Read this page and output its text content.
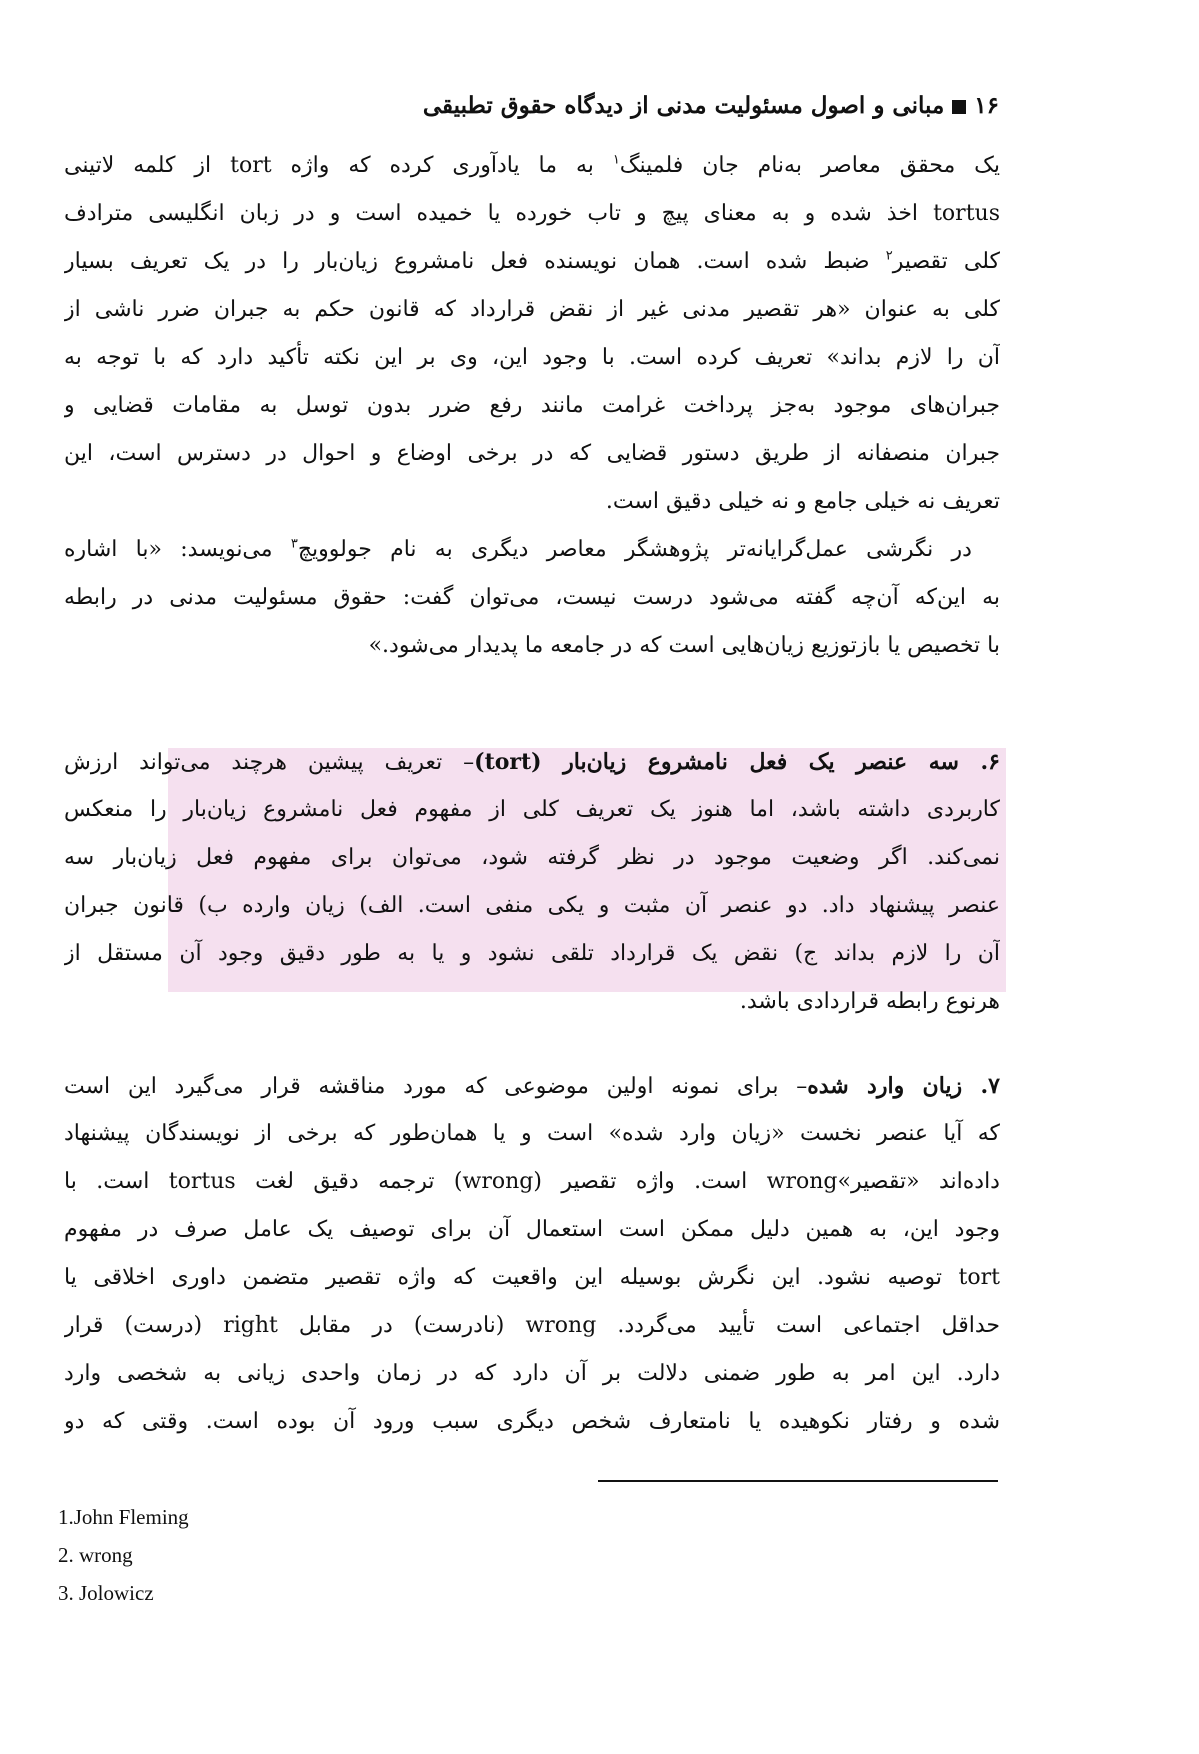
۱۶مبانی و اصول مسئولیت مدنی از دیدگاه حقوق تطبیقی
یک محقق معاصر به‌نام جان فلمینگ$^۱$ به ما یادآوری کرده که واژه tort از کلمه لاتینی
tortus اخذ شده و به معنای پیچ و تاب خورده یا خمیده است و در زبان انگلیسی مترادف
کلی تقصیر$^۲$ ضبط شده است. همان نویسنده فعل نامشروع زیان‌بار را در یک تعریف بسیار
کلی به عنوان «هر تقصیر مدنی غیر از نقض قرارداد که قانون حکم به جبران ضرر ناشی از
آن را لازم بداند» تعریف کرده است. با وجود این، وی بر این نکته تأکید دارد که با توجه به
جبران‌های موجود به‌جز پرداخت غرامت مانند رفع ضرر بدون توسل به مقامات قضایی و
جبران منصفانه از طریق دستور قضایی که در برخی اوضاع و احوال در دسترس است، این
تعریف نه خیلی جامع و نه خیلی دقیق است.
در نگرشی عمل‌گرایانه‌تر پژوهشگر معاصر دیگری به نام جولوویچ$^۳$ می‌نویسد: «با اشاره
به این‌که آن‌چه گفته می‌شود درست نیست، می‌توان گفت: حقوق مسئولیت مدنی در رابطه
با تخصیص یا بازتوزیع زیان‌هایی است که در جامعه ما پدیدار می‌شود.»
۶. سه عنصر یک فعل نامشروع زیان‌بار (tort)– تعریف پیشین هرچند می‌تواند ارزش
کاربردی داشته باشد، اما هنوز یک تعریف کلی از مفهوم فعل نامشروع زیان‌بار را منعکس
نمی‌کند. اگر وضعیت موجود در نظر گرفته شود، می‌توان برای مفهوم فعل زیان‌بار سه
عنصر پیشنهاد داد. دو عنصر آن مثبت و یکی منفی است. الف) زیان وارده ب) قانون جبران
آن را لازم بداند ج) نقض یک قرارداد تلقی نشود و یا به طور دقیق وجود آن مستقل از
هرنوع رابطه قراردادی باشد.
۷. زیان وارد شده– برای نمونه اولین موضوعی که مورد مناقشه قرار می‌گیرد این است
که آیا عنصر نخست «زیان وارد شده» است و یا همان‌طور که برخی از نویسندگان پیشنهاد
داده‌اند «تقصیر»wrong است. واژه تقصیر (wrong) ترجمه دقیق لغت tortus است. با
وجود این، به همین دلیل ممکن است استعمال آن برای توصیف یک عامل صرف در مفهوم
tort توصیه نشود. این نگرش بوسیله این واقعیت که واژه تقصیر متضمن داوری اخلاقی یا
حداقل اجتماعی است تأیید می‌گردد. wrong (نادرست) در مقابل right (درست) قرار
دارد. این امر به طور ضمنی دلالت بر آن دارد که در زمان واحدی زیانی به شخصی وارد
شده و رفتار نکوهیده یا نامتعارف شخص دیگری سبب ورود آن بوده است. وقتی که دو
1.John Fleming
2. wrong
3. Jolowicz
